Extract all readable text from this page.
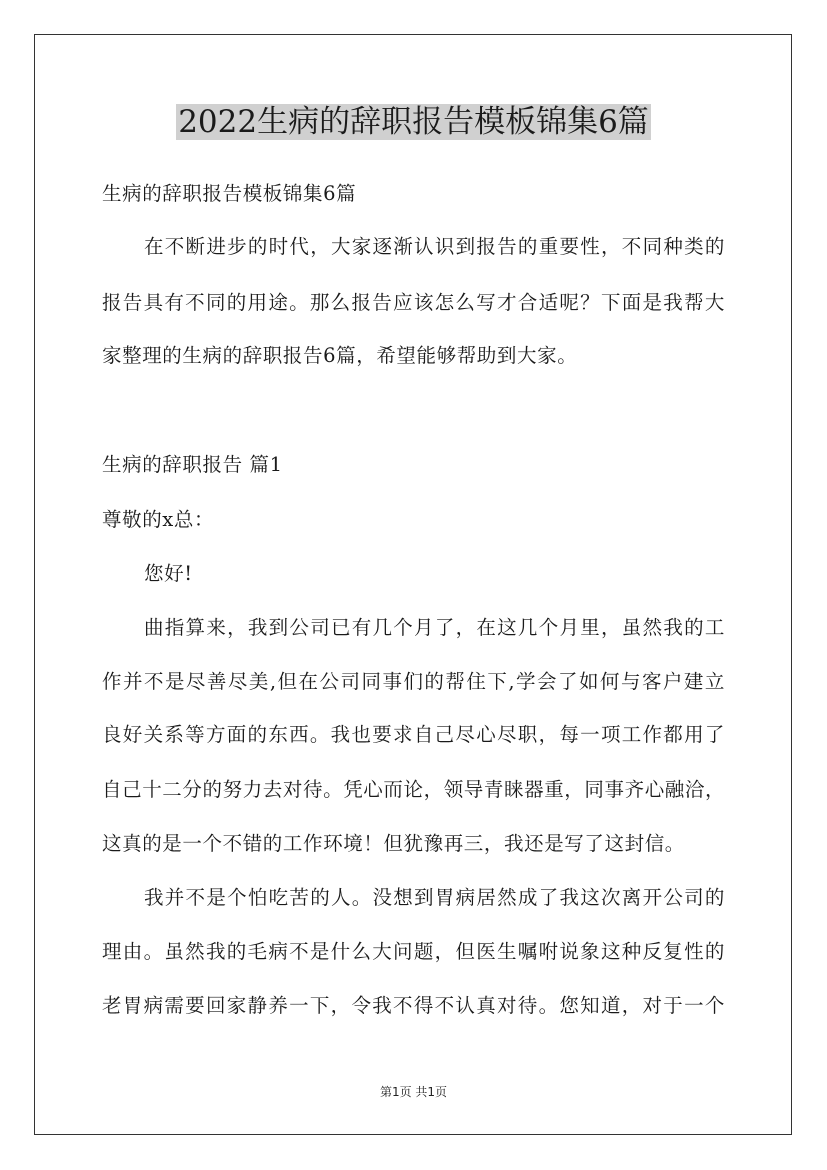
2022生病的辞职报告模板锦集6篇

生病的辞职报告模板锦集6篇

在不断进步的时代，大家逐渐认识到报告的重要性，不同种类的

报告具有不同的用途。那么报告应该怎么写才合适呢？下面是我帮大

家整理的生病的辞职报告6篇，希望能够帮助到大家。

生病的辞职报告 篇1

尊敬的x总：

您好!

曲指算来，我到公司已有几个月了，在这几个月里，虽然我的工

作并不是尽善尽美,但在公司同事们的帮住下,学会了如何与客户建立

良好关系等方面的东西。我也要求自己尽心尽职，每一项工作都用了

自己十二分的努力去对待。凭心而论，领导青睐器重，同事齐心融洽，

这真的是一个不错的工作环境！但犹豫再三，我还是写了这封信。

我并不是个怕吃苦的人。没想到胃病居然成了我这次离开公司的

理由。虽然我的毛病不是什么大问题，但医生嘱咐说象这种反复性的

老胃病需要回家静养一下，令我不得不认真对待。您知道，对于一个

第1页 共1页
